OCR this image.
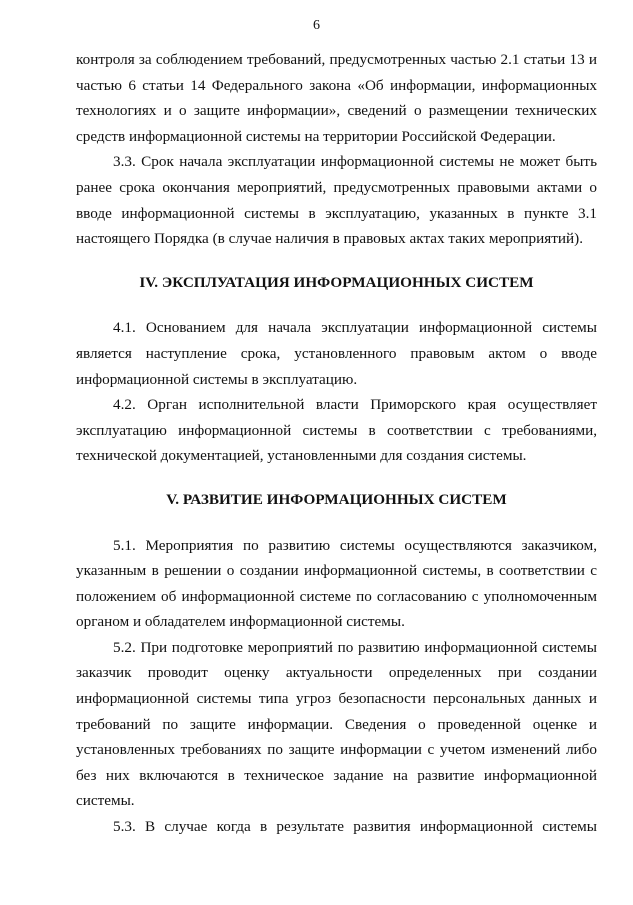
6

контроля за соблюдением требований, предусмотренных частью 2.1 статьи 13 и
частью 6 статьи 14 Федерального закона «Об информации, информационных
технологиях и о защите информации», сведений о размещении технических
средств информационной системы на территории Российской Федерации.

3.3. Срок начала эксплуатации информационной системы не может быть
ранее срока окончания мероприятий, предусмотренных правовыми актами о
вводе информационной системы в эксплуатацию, указанных в пункте 3.1
настоящего Порядка (в случае наличия в правовых актах таких мероприятий).

IV. ЭКСПЛУАТАЦИЯ ИНФОРМАЦИОННЫХ СИСТЕМ

4.1. Основанием для начала эксплуатации информационной системы
является наступление срока, установленного правовым актом о вводе
информационной системы в эксплуатацию.

4.2. Орган исполнительной власти Приморского края осуществляет
эксплуатацию информационной системы в соответствии с требованиями,
технической документацией, установленными для создания системы.

V. РАЗВИТИЕ ИНФОРМАЦИОННЫХ СИСТЕМ

5.1. Мероприятия по развитию системы осуществляются заказчиком,
указанным в решении о создании информационной системы, в соответствии с
положением об информационной системе по согласованию с уполномоченным
органом и обладателем информационной системы.

5.2. При подготовке мероприятий по развитию информационной системы
заказчик проводит оценку актуальности определенных при создании
информационной системы типа угроз безопасности персональных данных и
требований по защите информации. Сведения о проведенной оценке и
установленных требованиях по защите информации с учетом изменений либо
без них включаются в техническое задание на развитие информационной
системы.

5.3. В случае когда в результате развития информационной системы
